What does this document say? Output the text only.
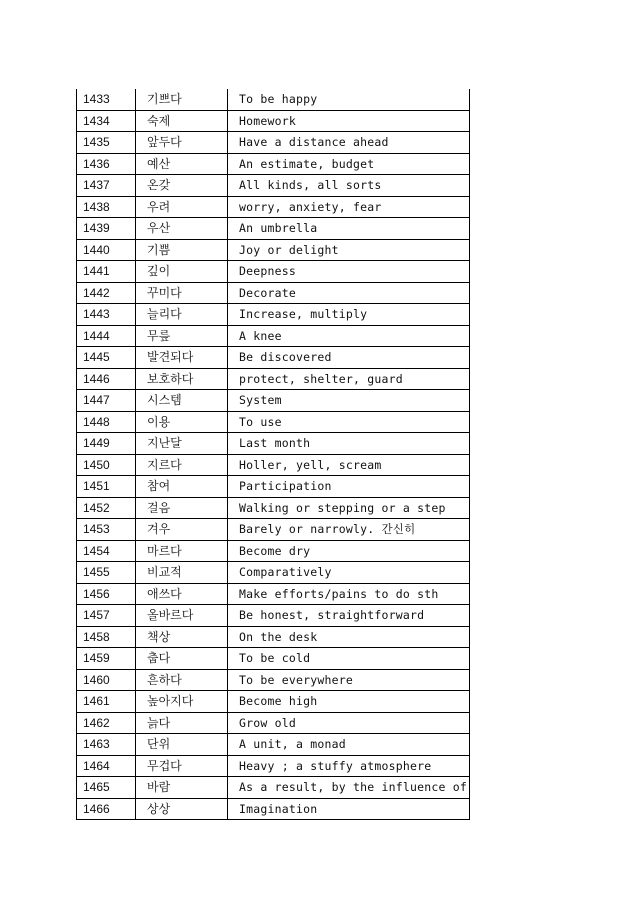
1433	기쁘다	To be happy
1434	숙제	Homework
1435	앞두다	Have a distance ahead
1436	예산	An estimate, budget
1437	온갖	All kinds, all sorts
1438	우려	worry, anxiety, fear
1439	우산	An umbrella
1440	기쁨	Joy or delight
1441	깊이	Deepness
1442	꾸미다	Decorate
1443	늘리다	Increase, multiply
1444	무릎	A knee
1445	발견되다	Be discovered
1446	보호하다	protect, shelter, guard
1447	시스템	System
1448	이용	To use
1449	지난달	Last month
1450	지르다	Holler, yell, scream
1451	참여	Participation
1452	걸음	Walking or stepping or a step
1453	겨우	Barely or narrowly. 간신히
1454	마르다	Become dry
1455	비교적	Comparatively
1456	애쓰다	Make efforts/pains to do sth
1457	올바르다	Be honest, straightforward
1458	책상	On the desk
1459	춥다	To be cold
1460	흔하다	To be everywhere
1461	높아지다	Become high
1462	늙다	Grow old
1463	단위	A unit, a monad
1464	무겁다	Heavy ; a stuffy atmosphere
1465	바람	As a result, by the influence of
1466	상상	Imagination
